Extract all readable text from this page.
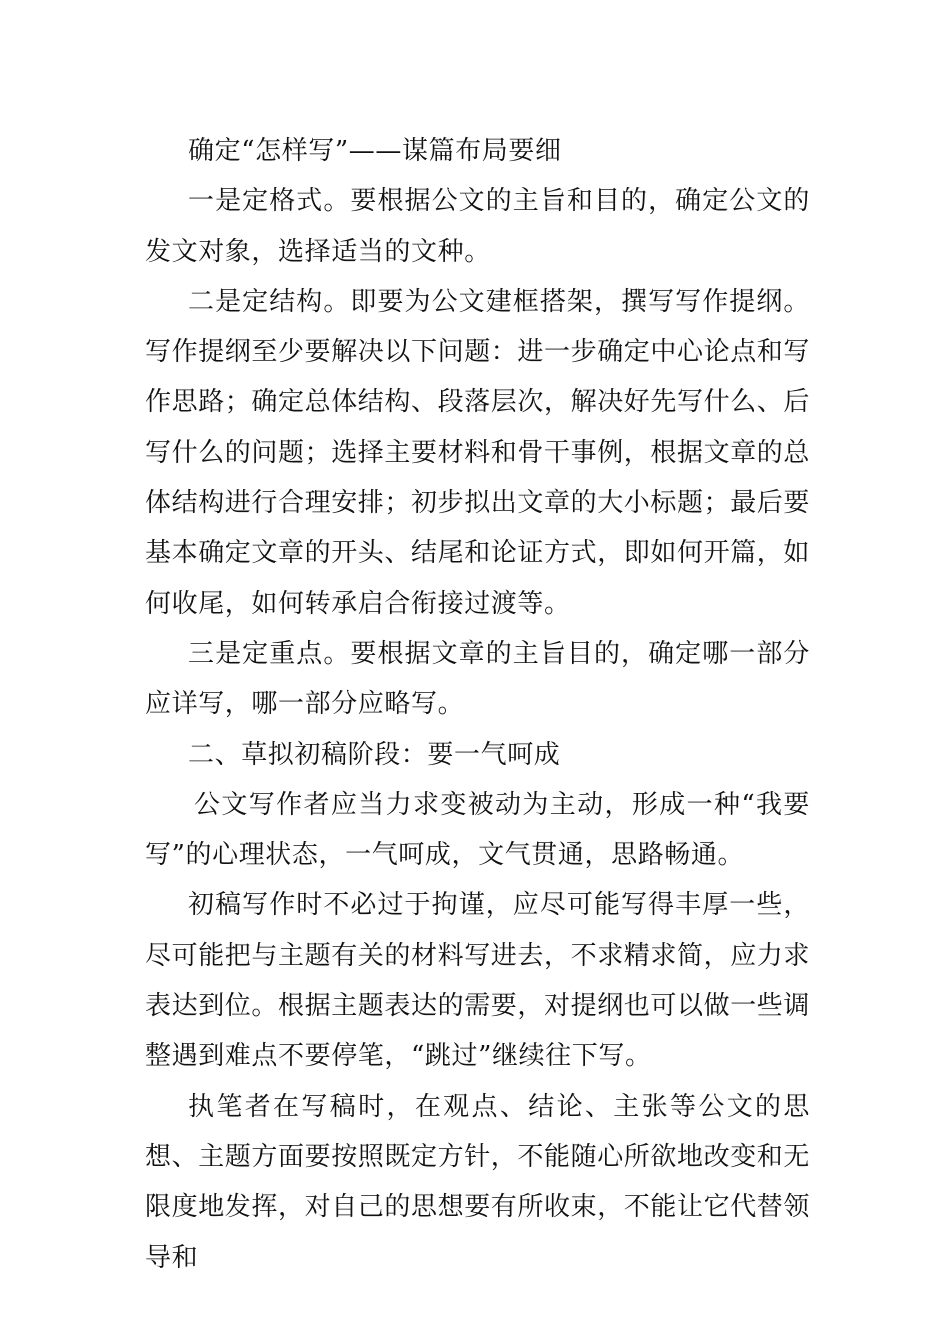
确定“怎样写”——谋篇布局要细

一是定格式。要根据公文的主旨和目的，确定公文的发文对象，选择适当的文种。

二是定结构。即要为公文建框搭架，撰写写作提纲。写作提纲至少要解决以下问题：进一步确定中心论点和写作思路；确定总体结构、段落层次，解决好先写什么、后写什么的问题；选择主要材料和骨干事例，根据文章的总体结构进行合理安排；初步拟出文章的大小标题；最后要基本确定文章的开头、结尾和论证方式，即如何开篇，如何收尾，如何转承启合衔接过渡等。

三是定重点。要根据文章的主旨目的，确定哪一部分应详写，哪一部分应略写。

二、草拟初稿阶段：要一气呵成

公文写作者应当力求变被动为主动，形成一种“我要写”的心理状态，一气呵成，文气贯通，思路畅通。

初稿写作时不必过于拘谨，应尽可能写得丰厚一些，尽可能把与主题有关的材料写进去，不求精求简，应力求表达到位。根据主题表达的需要，对提纲也可以做一些调整遇到难点不要停笔，“跳过”继续往下写。

执笔者在写稿时，在观点、结论、主张等公文的思想、主题方面要按照既定方针，不能随心所欲地改变和无限度地发挥，对自己的思想要有所收束，不能让它代替领导和
